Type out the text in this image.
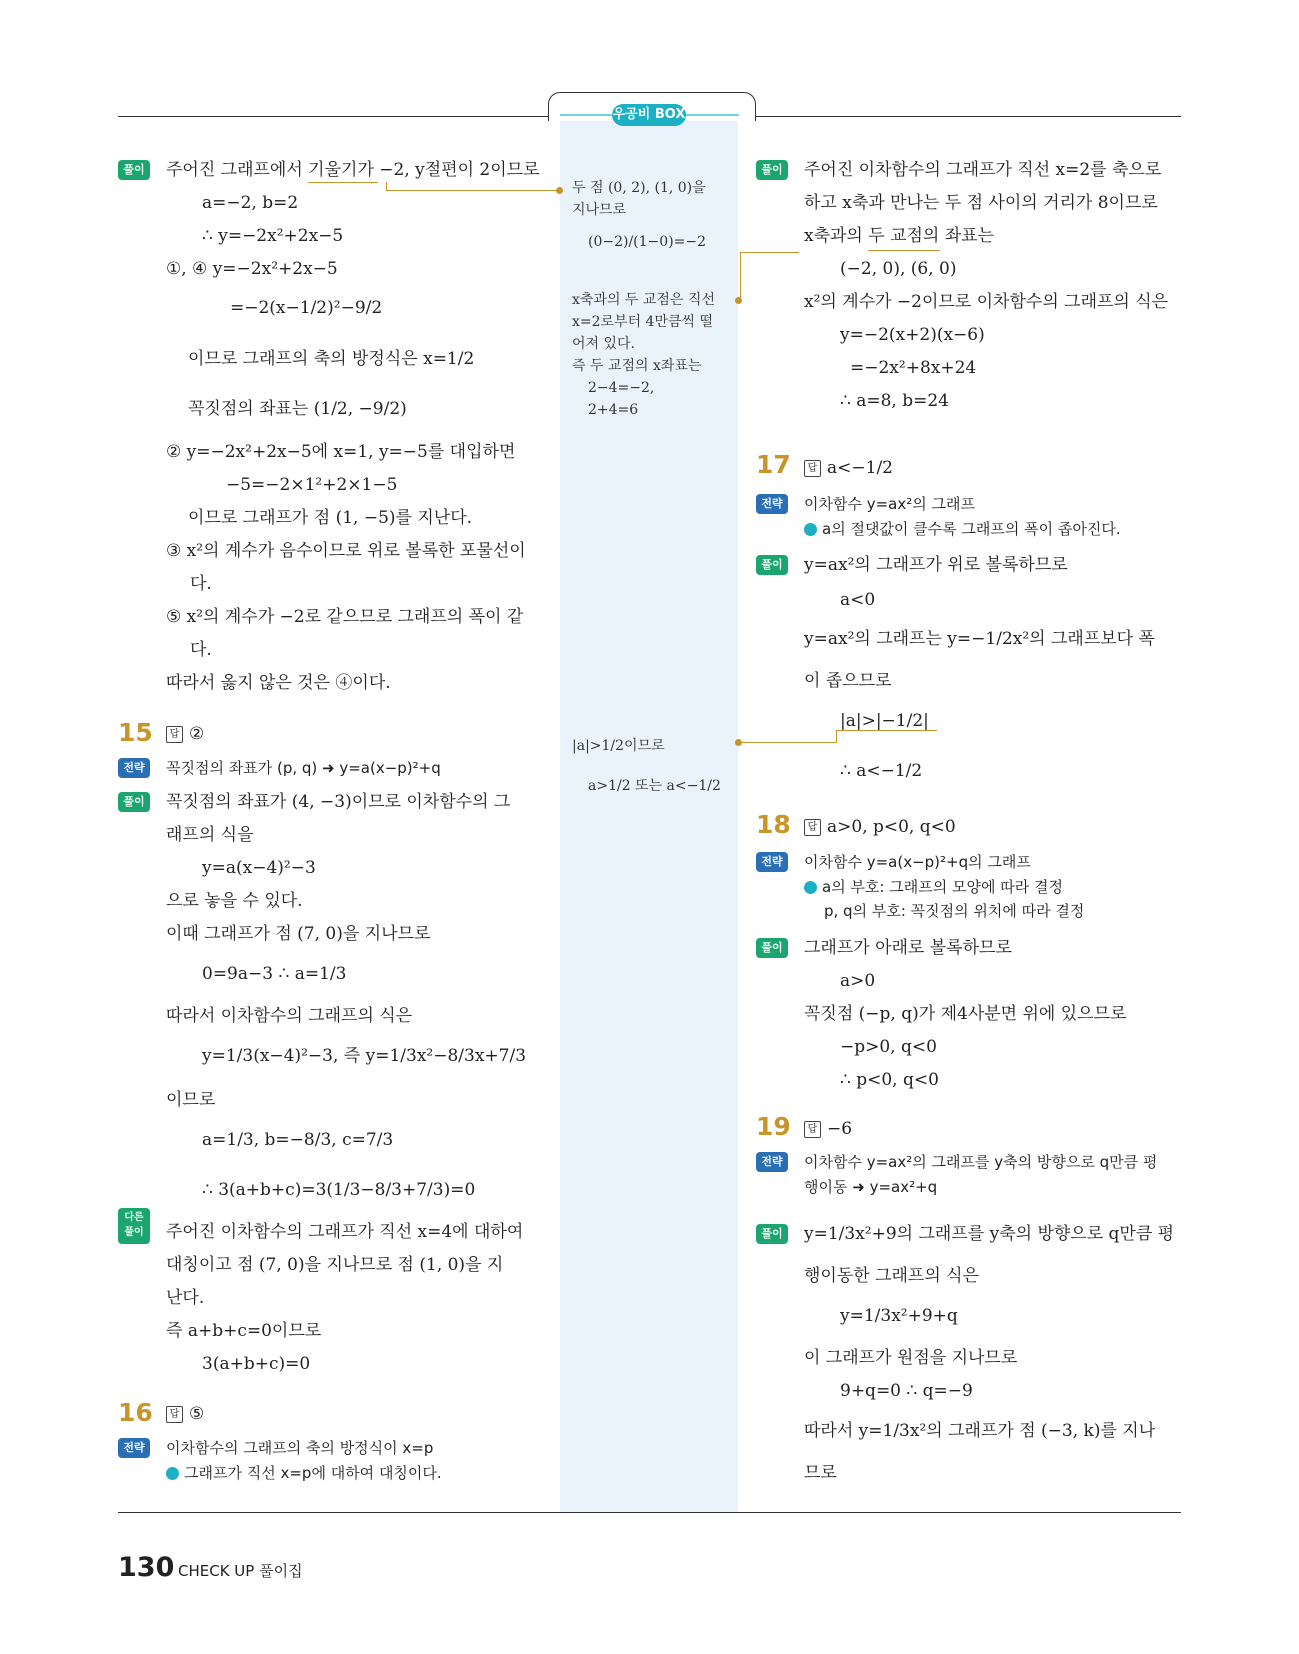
우공비 BOX
풀이	주어진 그래프에서 기울기가 −2, y절편이 2이므로
a=−2, b=2
∴ y=−2x²+2x−5
①, ④ y=−2x²+2x−5
=−2(x−1/2)²−9/2
이므로 그래프의 축의 방정식은 x=1/2
꼭짓점의 좌표는 (1/2, −9/2)
② y=−2x²+2x−5에 x=1, y=−5를 대입하면
−5=−2×1²+2×1−5
이므로 그래프가 점 (1, −5)를 지난다.
③ x²의 계수가 음수이므로 위로 볼록한 포물선이
다.
⑤ x²의 계수가 −2로 같으므로 그래프의 폭이 같
다.
따라서 옳지 않은 것은 ④이다.
15	답 ②
전략	꼭짓점의 좌표가 (p, q) ➜ y=a(x−p)²+q
풀이	꼭짓점의 좌표가 (4, −3)이므로 이차함수의 그
래프의 식을
y=a(x−4)²−3
으로 놓을 수 있다.
이때 그래프가 점 (7, 0)을 지나므로
0=9a−3 ∴ a=1/3
따라서 이차함수의 그래프의 식은
y=1/3(x−4)²−3, 즉 y=1/3x²−8/3x+7/3
이므로
a=1/3, b=−8/3, c=7/3
∴ 3(a+b+c)=3(1/3−8/3+7/3)=0
다른 풀이	주어진 이차함수의 그래프가 직선 x=4에 대하여
대칭이고 점 (7, 0)을 지나므로 점 (1, 0)을 지
난다.
즉 a+b+c=0이므로
3(a+b+c)=0
16	답 ⑤
전략	이차함수의 그래프의 축의 방정식이 x=p
그래프가 직선 x=p에 대하여 대칭이다.
두 점 (0, 2), (1, 0)을
지나므로
(0−2)/(1−0)=−2
x축과의 두 교점은 직선
x=2로부터 4만큼씩 떨
어져 있다.
즉 두 교점의 x좌표는
2−4=−2,
2+4=6
|a|>1/2이므로
a>1/2 또는 a<−1/2
풀이	주어진 이차함수의 그래프가 직선 x=2를 축으로
하고 x축과 만나는 두 점 사이의 거리가 8이므로
x축과의 두 교점의 좌표는
(−2, 0), (6, 0)
x²의 계수가 −2이므로 이차함수의 그래프의 식은
y=−2(x+2)(x−6)
=−2x²+8x+24
∴ a=8, b=24
17	답 a<−1/2
전략	이차함수 y=ax²의 그래프
a의 절댓값이 클수록 그래프의 폭이 좁아진다.
풀이	y=ax²의 그래프가 위로 볼록하므로
a<0
y=ax²의 그래프는 y=−1/2x²의 그래프보다 폭
이 좁으므로
|a|>|−1/2|
∴ a<−1/2
18	답 a>0, p<0, q<0
전략	이차함수 y=a(x−p)²+q의 그래프
a의 부호: 그래프의 모양에 따라 결정
p, q의 부호: 꼭짓점의 위치에 따라 결정
풀이	그래프가 아래로 볼록하므로
a>0
꼭짓점 (−p, q)가 제4사분면 위에 있으므로
−p>0, q<0
∴ p<0, q<0
19	답 −6
전략	이차함수 y=ax²의 그래프를 y축의 방향으로 q만큼 평
행이동 ➜ y=ax²+q
풀이	y=1/3x²+9의 그래프를 y축의 방향으로 q만큼 평
행이동한 그래프의 식은
y=1/3x²+9+q
이 그래프가 원점을 지나므로
9+q=0 ∴ q=−9
따라서 y=1/3x²의 그래프가 점 (−3, k)를 지나
므로
130 CHECK UP 풀이집
